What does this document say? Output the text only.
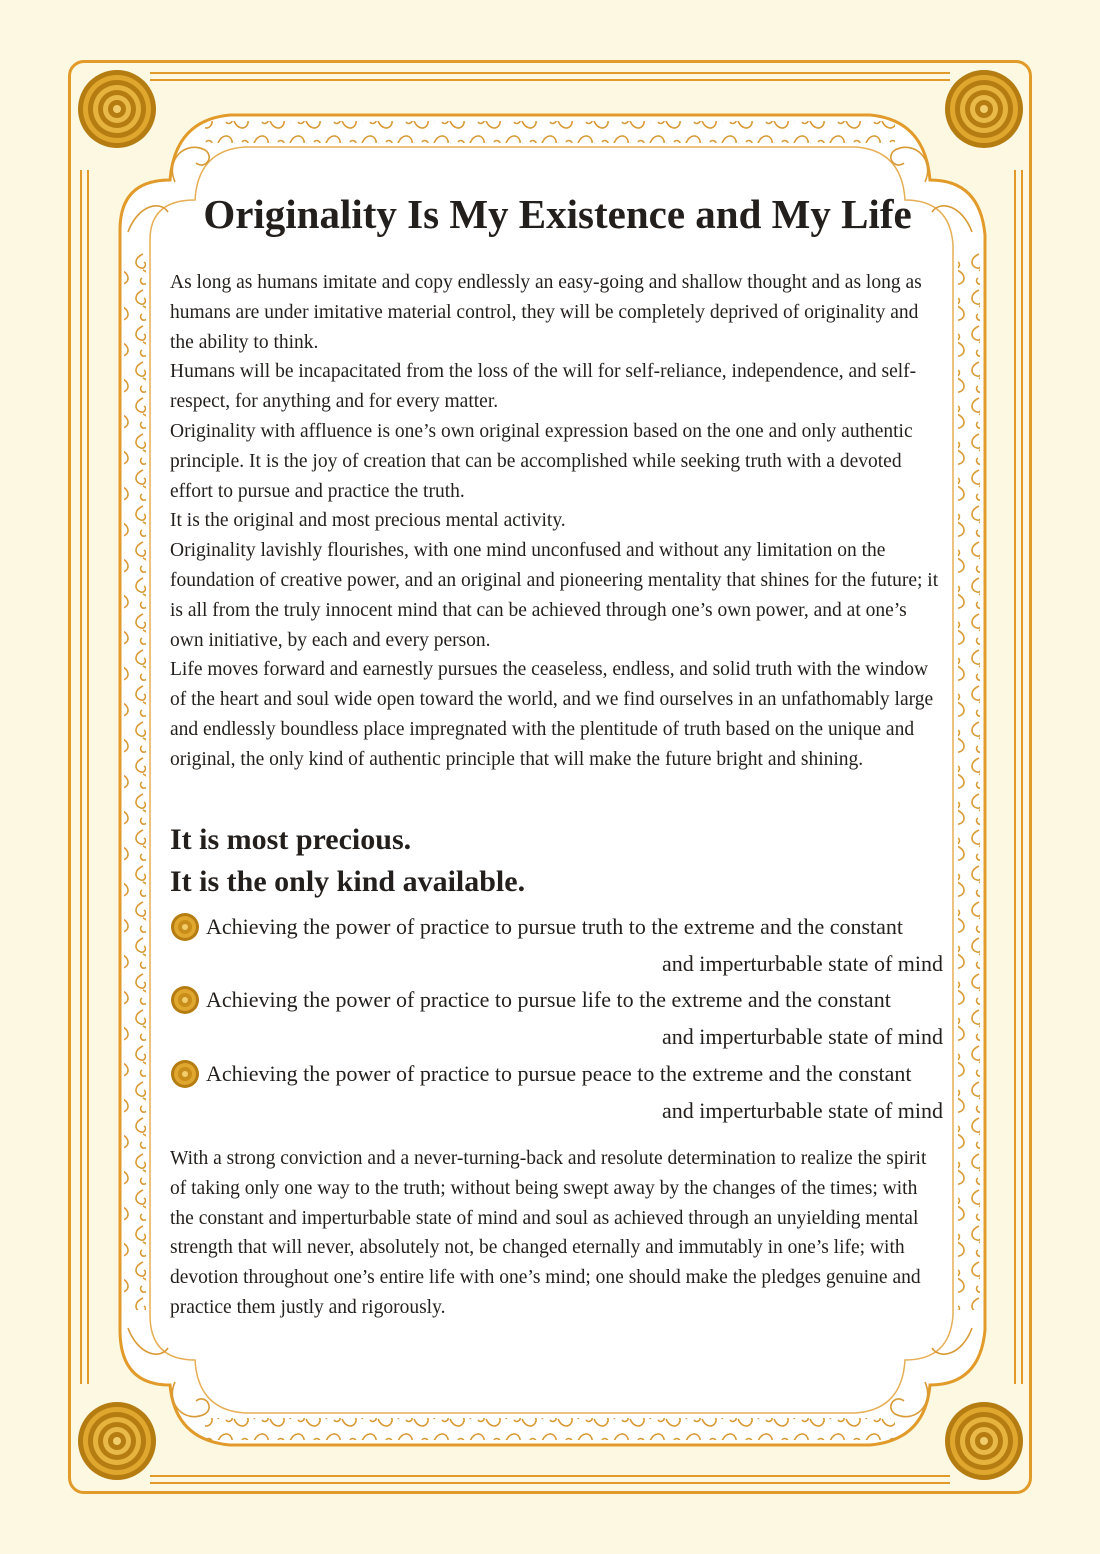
Originality Is My Existence and My Life

As long as humans imitate and copy endlessly an easy-going and shallow thought and as long as humans are under imitative material control, they will be completely deprived of originality and the ability to think.

Humans will be incapacitated from the loss of the will for self-reliance, independence, and self-respect, for anything and for every matter.

Originality with affluence is one’s own original expression based on the one and only authentic principle. It is the joy of creation that can be accomplished while seeking truth with a devoted effort to pursue and practice the truth.

It is the original and most precious mental activity.

Originality lavishly flourishes, with one mind unconfused and without any limitation on the foundation of creative power, and an original and pioneering mentality that shines for the future; it is all from the truly innocent mind that can be achieved through one’s own power, and at one’s own initiative, by each and every person.

Life moves forward and earnestly pursues the ceaseless, endless, and solid truth with the window of the heart and soul wide open toward the world, and we find ourselves in an unfathomably large and endlessly boundless place impregnated with the plentitude of truth based on the unique and original, the only kind of authentic principle that will make the future bright and shining.

It is most precious.
It is the only kind available.
Achieving the power of practice to pursue truth to the extreme and the constant
and imperturbable state of mind
Achieving the power of practice to pursue life to the extreme and the constant
and imperturbable state of mind
Achieving the power of practice to pursue peace to the extreme and the constant
and imperturbable state of mind

With a strong conviction and a never-turning-back and resolute determination to realize the spirit of taking only one way to the truth; without being swept away by the changes of the times; with the constant and imperturbable state of mind and soul as achieved through an unyielding mental strength that will never, absolutely not, be changed eternally and immutably in one’s life; with devotion throughout one’s entire life with one’s mind; one should make the pledges genuine and practice them justly and rigorously.
